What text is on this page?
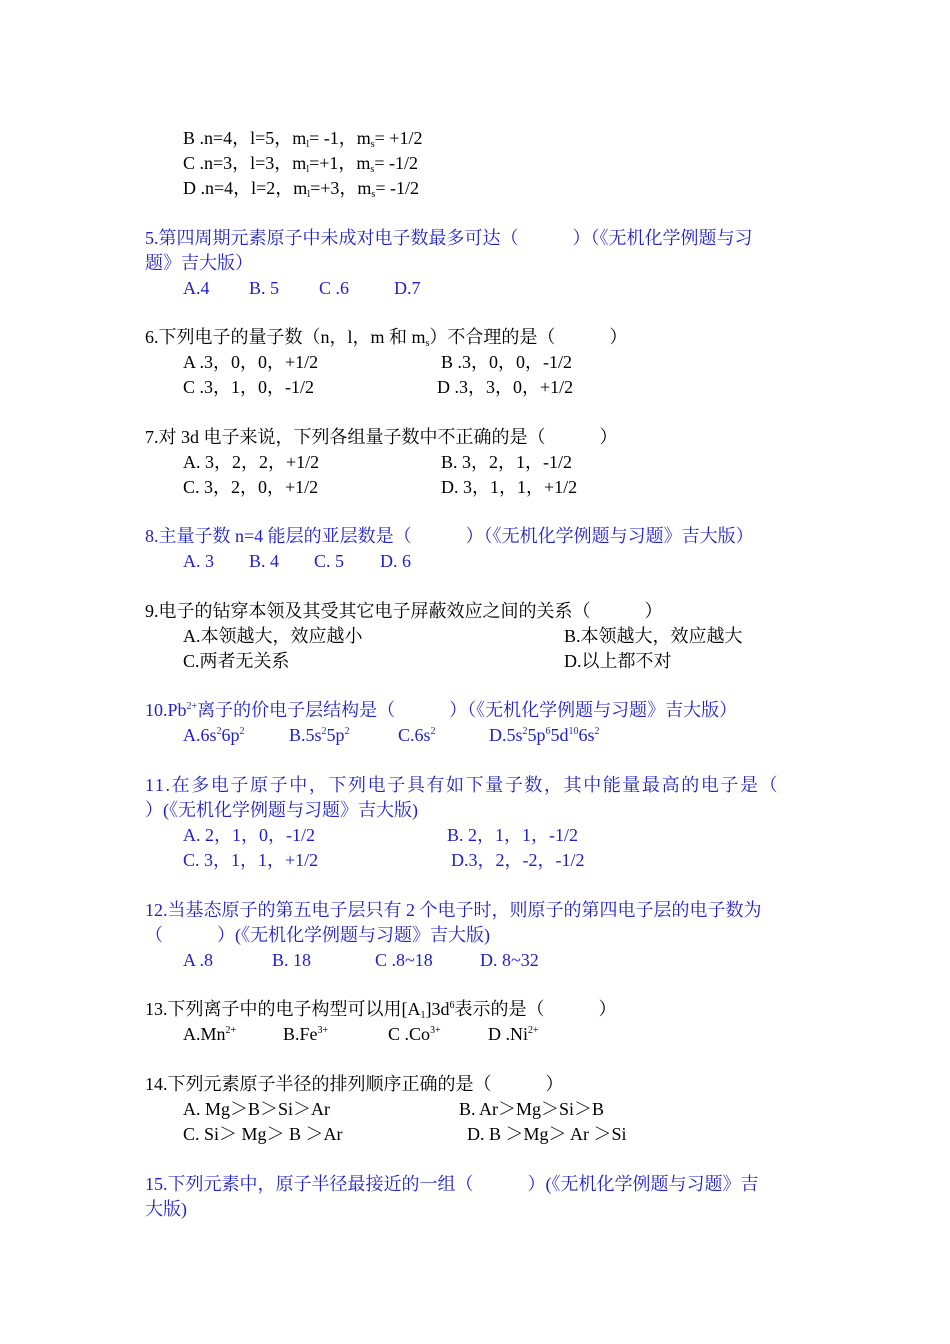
B .n=4，l=5，$m_l= -1$，$m_s= +1/2$
C .n=3，l=3，$m_l=+1$，$m_s= -1/2$
D .n=4，l=2，$m_l=+3$，$m_s= -1/2$
5.第四周期元素原子中未成对电子数最多可达（　　　）（《无机化学例题与习
题》吉大版）
A.4 B. 5 C .6 D.7
6.下列电子的量子数（n，l，m 和 $m_s$）不合理的是（　　　）
A .3，0，0，+1/2	B .3，0，0，-1/2
C .3，1，0，-1/2	D .3，3，0，+1/2
7.对 3d 电子来说，下列各组量子数中不正确的是（　　　）
A. 3，2，2，+1/2	B. 3，2，1，-1/2
C. 3，2，0，+1/2	D. 3，1，1，+1/2
8.主量子数 n=4 能层的亚层数是（　　　）（《无机化学例题与习题》吉大版）
A. 3 B. 4 C. 5 D. 6
9.电子的钻穿本领及其受其它电子屏蔽效应之间的关系（　　　）
A.本领越大，效应越小	B.本领越大，效应越大
C.两者无关系	D.以上都不对
$10.Pb^{2+}$离子的价电子层结构是（　　　）（《无机化学例题与习题》吉大版）
$A.6s^26p^2$ $B.5s^25p^2$	$C.6s^2$	$D.5s^25p^65d^{10}6s^2$
11.在多电子原子中，下列电子具有如下量子数，其中能量最高的电子是（
）(《无机化学例题与习题》吉大版)
A. 2，1，0，-1/2	B. 2，1，1，-1/2
C. 3，1，1，+1/2	D.3，2，-2，-1/2
12.当基态原子的第五电子层只有 2 个电子时，则原子的第四电子层的电子数为
（　　　）(《无机化学例题与习题》吉大版)
A .8	B. 18	C .8~18	D. 8~32
13.下列离子中的电子构型可以用$[A_1]3d^6$表示的是（　　　）
$A.Mn^{2+}$	$B.Fe^{3+}$	C $.Co^{3+}$	D $.Ni^{2+}$
14.下列元素原子半径的排列顺序正确的是（　　　）
A. Mg＞B＞Si＞Ar	B. Ar＞Mg＞Si＞B
C. Si＞ Mg＞ B ＞Ar	D. B ＞Mg＞ Ar ＞Si
15.下列元素中，原子半径最接近的一组（　　　）(《无机化学例题与习题》吉
大版)
